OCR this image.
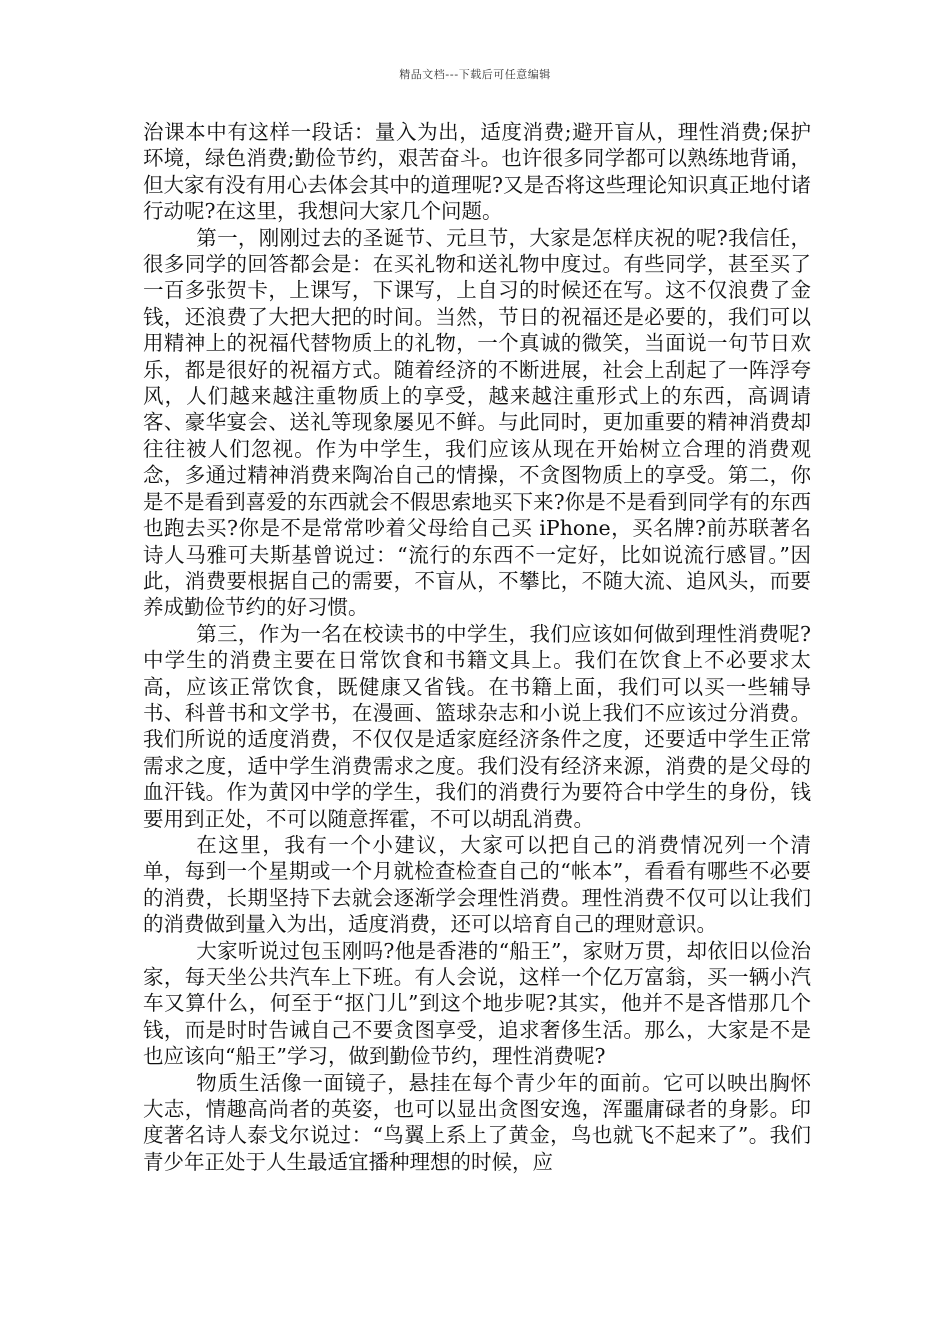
精品文档---下载后可任意编辑

治课本中有这样一段话：量入为出，适度消费;避开盲从，理性消费;保护环境，绿色消费;勤俭节约，艰苦奋斗。也许很多同学都可以熟练地背诵，但大家有没有用心去体会其中的道理呢?又是否将这些理论知识真正地付诸行动呢?在这里，我想问大家几个问题。

第一，刚刚过去的圣诞节、元旦节，大家是怎样庆祝的呢?我信任，很多同学的回答都会是：在买礼物和送礼物中度过。有些同学，甚至买了一百多张贺卡，上课写，下课写，上自习的时候还在写。这不仅浪费了金钱，还浪费了大把大把的时间。当然，节日的祝福还是必要的，我们可以用精神上的祝福代替物质上的礼物，一个真诚的微笑，当面说一句节日欢乐，都是很好的祝福方式。随着经济的不断进展，社会上刮起了一阵浮夸风，人们越来越注重物质上的享受，越来越注重形式上的东西，高调请客、豪华宴会、送礼等现象屡见不鲜。与此同时，更加重要的精神消费却往往被人们忽视。作为中学生，我们应该从现在开始树立合理的消费观念，多通过精神消费来陶冶自己的情操，不贪图物质上的享受。第二，你是不是看到喜爱的东西就会不假思索地买下来?你是不是看到同学有的东西也跑去买?你是不是常常吵着父母给自己买 iPhone，买名牌?前苏联著名诗人马雅可夫斯基曾说过：“流行的东西不一定好，比如说流行感冒。”因此，消费要根据自己的需要，不盲从，不攀比，不随大流、追风头，而要养成勤俭节约的好习惯。

第三，作为一名在校读书的中学生，我们应该如何做到理性消费呢?中学生的消费主要在日常饮食和书籍文具上。我们在饮食上不必要求太高，应该正常饮食，既健康又省钱。在书籍上面，我们可以买一些辅导书、科普书和文学书，在漫画、篮球杂志和小说上我们不应该过分消费。我们所说的适度消费，不仅仅是适家庭经济条件之度，还要适中学生正常需求之度，适中学生消费需求之度。我们没有经济来源，消费的是父母的血汗钱。作为黄冈中学的学生，我们的消费行为要符合中学生的身份，钱要用到正处，不可以随意挥霍，不可以胡乱消费。

在这里，我有一个小建议，大家可以把自己的消费情况列一个清单，每到一个星期或一个月就检查检查自己的“帐本”，看看有哪些不必要的消费，长期坚持下去就会逐渐学会理性消费。理性消费不仅可以让我们的消费做到量入为出，适度消费，还可以培育自己的理财意识。

大家听说过包玉刚吗?他是香港的“船王”，家财万贯，却依旧以俭治家，每天坐公共汽车上下班。有人会说，这样一个亿万富翁，买一辆小汽车又算什么，何至于“抠门儿”到这个地步呢?其实，他并不是吝惜那几个钱，而是时时告诫自己不要贪图享受，追求奢侈生活。那么，大家是不是也应该向“船王”学习，做到勤俭节约，理性消费呢?

物质生活像一面镜子，悬挂在每个青少年的面前。它可以映出胸怀大志，情趣高尚者的英姿，也可以显出贪图安逸，浑噩庸碌者的身影。印度著名诗人泰戈尔说过：“鸟翼上系上了黄金，鸟也就飞不起来了”。我们青少年正处于人生最适宜播种理想的时候，应
